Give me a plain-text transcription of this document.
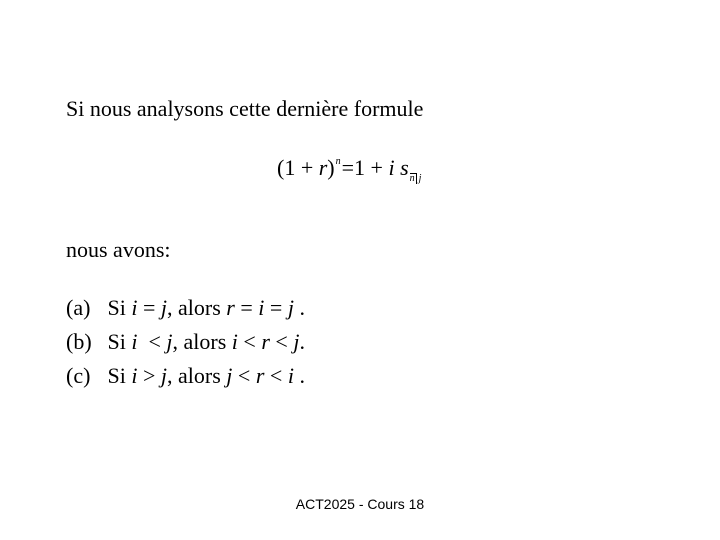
Si nous analysons cette dernière formule
$(1 + r)^n=1 + i$ $s_{n j}$
nous avons:
(a) Si i = j, alors r = i = j .
(b) Si i  < j, alors i < r < j.
(c) Si i > j, alors j < r < i .
ACT2025 - Cours 18
